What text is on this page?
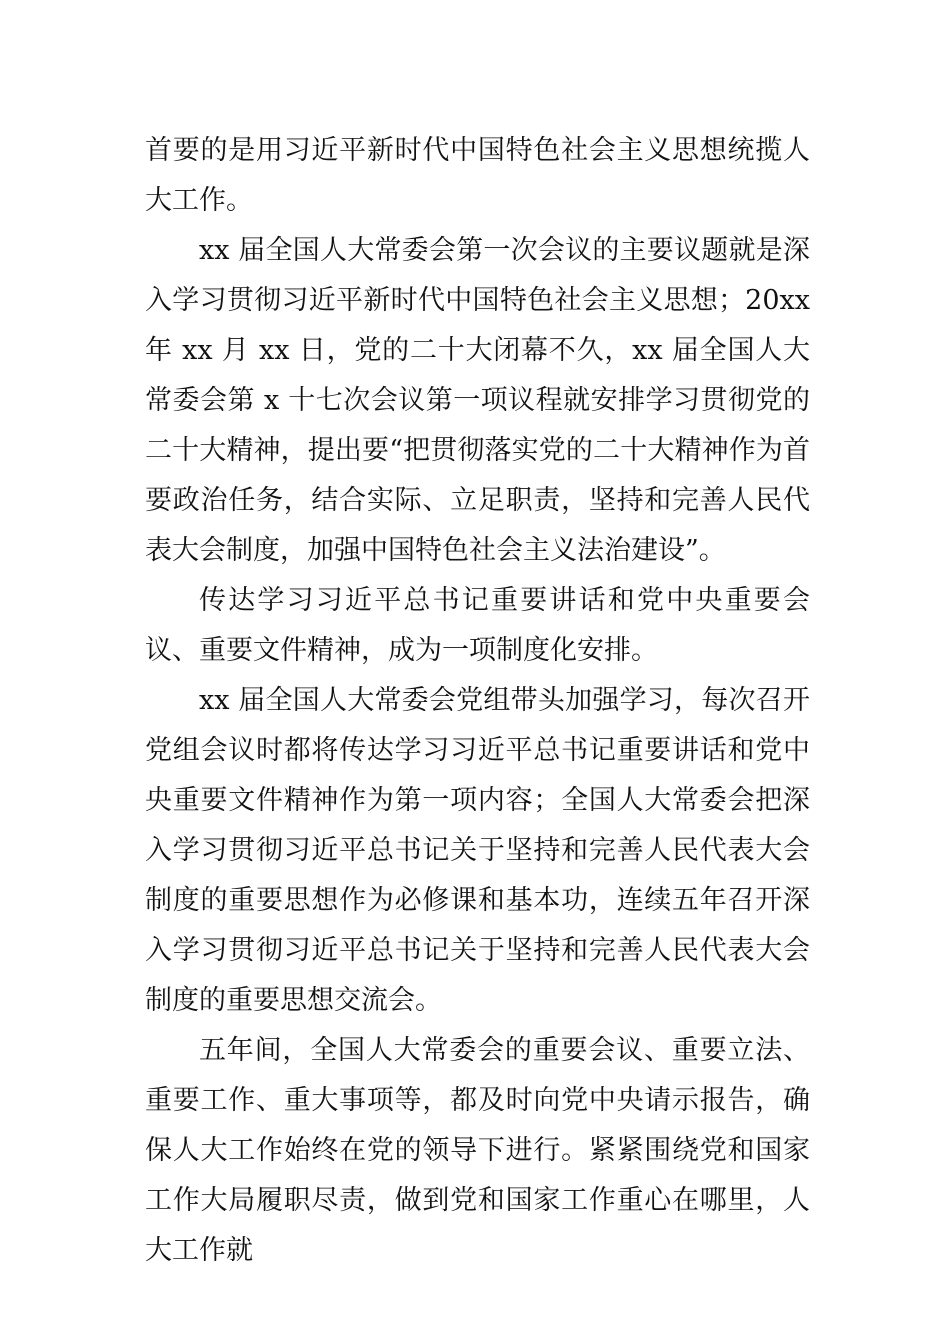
首要的是用习近平新时代中国特色社会主义思想统揽人大工作。

xx 届全国人大常委会第一次会议的主要议题就是深入学习贯彻习近平新时代中国特色社会主义思想；20xx 年 xx 月 xx 日，党的二十大闭幕不久，xx 届全国人大常委会第 x 十七次会议第一项议程就安排学习贯彻党的二十大精神，提出要“把贯彻落实党的二十大精神作为首要政治任务，结合实际、立足职责，坚持和完善人民代表大会制度，加强中国特色社会主义法治建设”。

传达学习习近平总书记重要讲话和党中央重要会议、重要文件精神，成为一项制度化安排。

xx 届全国人大常委会党组带头加强学习，每次召开党组会议时都将传达学习习近平总书记重要讲话和党中央重要文件精神作为第一项内容；全国人大常委会把深入学习贯彻习近平总书记关于坚持和完善人民代表大会制度的重要思想作为必修课和基本功，连续五年召开深入学习贯彻习近平总书记关于坚持和完善人民代表大会制度的重要思想交流会。

五年间，全国人大常委会的重要会议、重要立法、重要工作、重大事项等，都及时向党中央请示报告，确保人大工作始终在党的领导下进行。紧紧围绕党和国家工作大局履职尽责，做到党和国家工作重心在哪里，人大工作就
